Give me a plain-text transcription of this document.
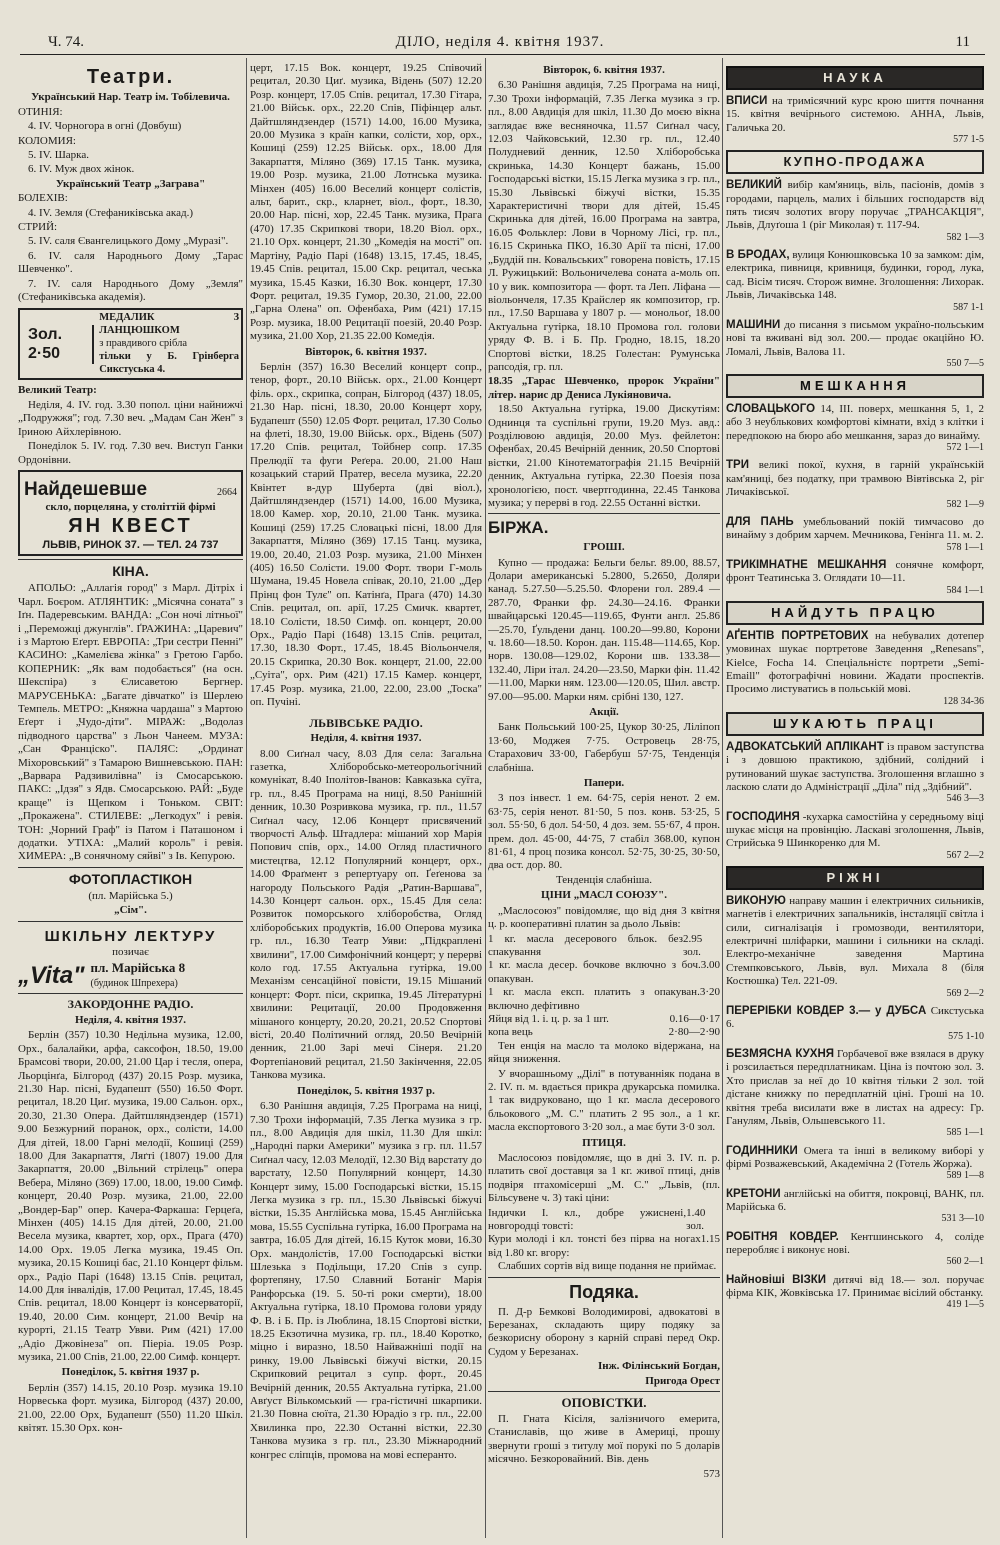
Ч. 74.	ДІЛО, неділя 4. квітня 1937.	11
Театри.

Український Нар. Театр ім. Тобілевича.

ОТИНІЯ:

4. IV. Чорногора в огні (Довбуш)

КОЛОМИЯ:

5. IV. Шарка.

6. IV. Муж двох жінок.

Український Театр „Заграва"

БОЛЕХІВ:

4. IV. Земля (Стефаниківська акад.)

СТРИЙ:

5. IV. саля Євангелицького Дому „Муразі".

6. IV. саля Народнього Дому „Тарас Шевченко".

7. IV. саля Народнього Дому „Земля" (Стефаниківська академія).

Зол. 2·50
МЕДАЛИК З ЛАНЦЮШКОМ
з правдивого срібла
тільки у Б. Грінберга Сикстуська 4.

Великий Театр:

Неділя, 4. IV. год. 3.30 попол. ціни найнижчі „Подружжя"; год. 7.30 веч. „Мадам Сан Жен" з Іриною Айхлерівною.

Понеділок 5. IV. год. 7.30 веч. Виступ Ганки Ордонівни.

Найдешевше	2664
скло, порцеляна, у століттій фірмі
ЯН КВЕСТ
ЛЬВІВ, РИНОК 37. — ТЕЛ. 24 737
КІНА.

АПОЛЬО: „Аллагія город" з Марл. Дітріх і Чарл. Боєром. АТЛЯНТИК: „Місячна соната" з Іґн. Падеревським. ВАНДА: „Сон ночі літньої" і „Переможці джунглів". ҐРАЖИНА: „Царевич" і з Мартою Еґерт. ЕВРОПА: „Три сестри Пенні" КАСИНО: „Камелієва жінка" з Гретою Гарбо. КОПЕРНИК: „Як вам подобається" (на осн. Шекспіра) з Єлисаветою Бергнер. МАРУСЕНЬКА: „Багате дівчатко" із Шерлею Темпель. МЕТРО: „Княжна чардаша" з Мартою Еґерт і „Чудо-діти". МІРАЖ: „Водолаз підводного царства" з Льон Чанеем. МУЗА: „Сан Франціско". ПАЛЯС: „Ординат Міхоровський" з Тамарою Вишневською. ПАН: „Варвара Радзивилівна" із Смосарською. ПАКС: „Ідзя" з Ядв. Смосарською. РАЙ: „Буде краще" із Щепком і Тоньком. СВІТ: „Прокажена". СТИЛЕВЕ: „Легкодух" і ревія. ТОН: „Чорний Граф" із Патом і Паташоном і додатки. УТІХА: „Малий король" і ревія. ХИМЕРА: „В сонячному сяйві" з Ів. Кепурою.

ФОТОПЛАСТІКОН

(пл. Марійська 5.)

„Сім".

ШКІЛЬНУ ЛЕКТУРУ

позичає

„Vita" пл. Марійська 8
(будинок Шпрехера)
ЗАКОРДОННЕ РАДІО.
Неділя, 4. квітня 1937.

Берлін (357) 10.30 Недільна музика, 12.00, Орх., балалайки, арфа, саксофон, 18.50, 19.00 Брамсові твори, 20.00, 21.00 Цар і тесля, опера, Льорцінґа, Білгород (437) 20.15 Рoзр. музика, 21.30 Нар. пісні, Будапешт (550) 16.50 Форт. рецитал, 18.20 Циґ. музика, 19.00 Сальон. орх., 20.30, 21.30 Опера. Дайтшляндзендер (1571) 9.00 Безжурний поранок, орх., солісти, 14.00 Для дітей, 18.00 Гарні мелодії, Кошиці (259) 18.00 Для Закарпаття, Ляґті (1807) 19.00 Для Закарпаття, 20.00 „Вільний стрілець" опера Вебера, Міляно (369) 17.00, 18.00, 19.00 Симф. концерт, 20.40 Розр. музика, 21.00, 22.00 „Вондер-Бар" опер. Качера-Фаркаша: Герцеґа, Мінхен (405) 14.15 Для дітей, 20.00, 21.00 Весела музика, квартет, хор, орх., Прага (470) 14.00 Орх. 19.05 Легка музика, 19.45 Оп. музика, 20.15 Кошиці бас, 21.10 Концерт фільм. орх., Радіо Парі (1648) 13.15 Спів. рецитал, 14.00 Для інвалідів, 17.00 Рецитал, 17.45, 18.45 Спів. рецитал, 18.00 Концерт із консерваторії, 19.40, 20.00 Сим. концерт, 21.00 Вечір на курорті, 21.15 Театр Увви. Рим (421) 17.00 „Адіо Джовінеза" оп. Піеріа. 19.05 Розр. музика, 21.00 Спів, 21.00, 22.00 Симф. концерт.

Понеділок, 5. квітня 1937 р.

Берлін (357) 14.15, 20.10 Розр. музика 19.10 Норвеська форт. музика, Білгород (437) 20.00, 21.00, 22.00 Орх, Будапешт (550) 11.20 Шкіл. квітят. 15.30 Орх. кон-

церт, 17.15 Вок. концерт, 19.25 Співочий рецитал, 20.30 Циґ. музика, Відень (507) 12.20 Розр. концерт, 17.05 Спів. рецитал, 17.30 Гітара, 21.00 Військ. орх., 22.20 Спів, Піфінцер альт. Дайтшляндзендер (1571) 14.00, 16.00 Музика, 20.00 Музика з країн капки, солісти, хор, орх., Кошиці (259) 12.25 Військ. орх., 18.00 Для Закарпаття, Міляно (369) 17.15 Танк. музика, 19.00 Розр. музика, 21.00 Лотнська музика. Мінхен (405) 16.00 Веселий концерт солістів, альт, барит., скр., кларнет, віол., форт., 18.30, 20.00 Нар. пісні, хор, 22.45 Танк. музика, Прага (470) 17.35 Скрипкові твори, 18.20 Віол. орх., 21.10 Орх. концерт, 21.30 „Комедія на мості" оп. Мартіну, Радіо Парі (1648) 13.15, 17.45, 18.45, 19.45 Спів. рецитал, 15.00 Скр. рецитал, чеська музика, 15.45 Казки, 16.30 Вок. концерт, 17.30 Форт. рецитал, 19.35 Гумор, 20.30, 21.00, 22.00 „Гарна Олена" оп. Офенбаха, Рим (421) 17.15 Розр. музика, 18.00 Рецитації поезій, 20.40 Розр. музика, 21.00 Хор, 21.35 22.00 Комедія.

Вівторок, 6. квітня 1937.

Берлін (357) 16.30 Веселий концерт сопр., тенор, форт., 20.10 Військ. орх., 21.00 Концерт філь. орх., скрипка, сопран, Білгород (437) 18.05, 21.30 Нар. пісні, 18.30, 20.00 Концерт хору, Будапешт (550) 12.05 Форт. рецитал, 17.30 Сольо на флеті, 18.30, 19.00 Військ. орх., Відень (507) 17.20 Спів. рецитал, Тойбнер сопр. 17.35 Прелюдії та фуги Реґера. 20.00, 21.00 Наш козацький старий Пратер, весела музика, 22.20 Квінтет в-дур Шуберта (дві віол.), Дайтшляндзендер (1571) 14.00, 16.00 Музика, 18.00 Камер. хор, 20.10, 21.00 Танк. музика. Кошиці (259) 17.25 Словацькі пісні, 18.00 Для Закарпаття, Міляно (369) 17.15 Танц. музика, 19.00, 20.40, 21.03 Розр. музика, 21.00 Мінхен (405) 16.50 Солісти. 19.00 Форт. твори Г-моль Шумана, 19.45 Новела співак, 20.10, 21.00 „Дер Прінц фон Тулє" оп. Катінґа, Прага (470) 14.30 Спів. рецитал, оп. арії, 17.25 Смичк. квартет, 18.10 Солісти, 18.50 Симф. оп. концерт, 20.00 Орх., Радіо Парі (1648) 13.15 Спів. рецитал, 17.30, 18.30 Форт., 17.45, 18.45 Віольончеля, 20.15 Скрипка, 20.30 Вок. концерт, 21.00, 22.00 „Суіта", орх. Рим (421) 17.15 Камер. концерт, 17.45 Розр. музика, 21.00, 22.00, 23.00 „Тоска" оп. Пучіні.

ЛЬВІВСЬКЕ РАДІО.
Неділя, 4. квітня 1937.

8.00 Сиґнал часу, 8.03 Для села: Загальна газетка, Хліборобсько-метеорольогічний комунікат, 8.40 Іполітов-Іванов: Кавказька суїта, гр. пл., 8.45 Програма на ниці, 8.50 Ранішній денник, 10.30 Розривкова музика, гр. пл., 11.57 Сиґнал часу, 12.06 Концерт присвячений творчості Альф. Штадлера: мішаний хор Марія Попович спів, орх., 14.00 Огляд пластичного мистецтва, 12.12 Популярний концерт, орх., 14.00 Фраґмент з репертуару оп. Ґеґенова за нагороду Польського Радія „Ратин-Варшава", 14.30 Концерт сальон. орх., 15.45 Для села: Розвиток поморського хліборобства, Огляд хліборобських продуктів, 16.00 Оперова музика гр. пл., 16.30 Театр Уяви: „Підкраплені хвилини", 17.00 Симфонічний концерт; у перерві коло год. 17.55 Актуальна гутірка, 19.00 Механізм сенсаційної повісти, 19.15 Мішаний концерт: Форт. піси, скрипка, 19.45 Літературні хвилини: Рецитації, 20.00 Продовження мішаного концерту, 20.20, 20.21, 20.52 Спортові вісті, 20.40 Політичний огляд, 20.50 Вечірній денник, 21.00 Зарі мечі Сінеря. 21.20 Фортепіановий рецитал, 21.50 Закінчення, 22.05 Танкова музика.

Понеділок, 5. квітня 1937 р.

6.30 Ранішня авдиція, 7.25 Програма на ниці, 7.30 Трохи інформацій, 7.35 Легка музика з гр. пл., 8.00 Авдиція для шкіл, 11.30 Для шкіл: „Народні парки Америки" музика з гр. пл. 11.57 Сиґнал часу, 12.03 Мелодії, 12.30 Від варстату до варстату, 12.50 Популярний концерт, 14.30 Концерт зиму, 15.00 Господарські вістки, 15.15 Легка музика з гр. пл., 15.30 Львівські біжучі вістки, 15.35 Англійська мова, 15.45 Англійська мова, 15.55 Суспільна гутірка, 16.00 Програма на завтра, 16.05 Для дітей, 16.15 Куток мови, 16.30 Орх. мандолістів, 17.00 Господарські вістки Шлезька з Подільщи, 17.20 Спів з супр. фортепяну, 17.50 Славний Ботаніг Марія Ранфорська (19. 5. 50-ті роки смерти), 18.00 Актуальна гутірка, 18.10 Промова голови уряду Ф. В. і Б. Пр. із Люблина, 18.15 Спортові вістки, 18.25 Екзотична музика, гр. пл., 18.40 Коротко, міцно і виразно, 18.50 Найважніші події на ринку, 19.00 Львівські біжучі вістки, 20.15 Скрипковий рецитал з супр. форт., 20.45 Вечірній денник, 20.55 Актуальна гутірка, 21.00 Авґуст Вількомський — гра-гістичні шкарпики. 21.30 Повна сюїта, 21.30 Юрадіо з гр. пл., 22.00 Хвилинка про, 22.30 Останні вістки, 22.30 Танкова музика з гр. пл., 23.30 Міжнародний конгрес сліпців, промова на мові есперанто.

Вівторок, 6. квітня 1937.

6.30 Ранішня авдиція, 7.25 Програма на ниці, 7.30 Трохи інформацій, 7.35 Легка музика з гр. пл., 8.00 Авдиція для шкіл, 11.30 До моєю вікна заглядає вже весняночка, 11.57 Сиґнал часу, 12.03 Чайковський, 12.30 гр. пл., 12.40 Полудневий денник, 12.50 Хліборобська скринька, 14.30 Концерт бажань, 15.00 Господарські вістки, 15.15 Легка музика з гр. пл., 15.30 Львівські біжучі вістки, 15.35 Характеристичні твори для дітей, 15.45 Скринька для дітей, 16.00 Програма на завтра, 16.05 Фольклер: Лови в Чорному Лісі, гр. пл., 16.15 Скринька ПКО, 16.30 Арії та пісні, 17.00 „Буддій пн. Ковальських" говорена повість, 17.15 Л. Ружицький: Вольоничелева соната а-моль оп. 10 у вик. композитора — форт. та Леп. Ліфана — віольончеля, 17.35 Крайслер як композитор, гр. пл., 17.50 Варшава у 1807 р. — монольоґ, 18.00 Актуальна гутірка, 18.10 Промова гол. голови уряду Ф. В. і Б. Пр. Гродно, 18.15, 18.20 Спортові вістки, 18.25 Голестан: Румунська рапсодія, гр. пл.

18.35 „Тарас Шевченко, пророк України" літер. нарис др Дениса Лукіяновича.

18.50 Актуальна гутірка, 19.00 Дискутіям: Однинця та суспільні групи, 19.20 Муз. авд.: Розділювою авдиція, 20.00 Муз. фейлетон: Офенбах, 20.45 Вечірній денник, 20.50 Спортові вістки, 21.00 Кінотематографія 21.15 Вечірній денник, Актуальна гутірка, 22.30 Поезія поза хронологією, пост. чвертгодинна, 22.45 Танкова музика; у перерві в год. 22.55 Останні вістки.

БІРЖА.
ГРОШІ.

Купно — продажа: Бельги бельг. 89.00, 88.57, Долари американські 5.2800, 5.2650, Доляри канад. 5.27.50—5.25.50. Флорени гол. 289.4 —287.70, Франки фр. 24.30—24.16. Франки швайцарські 120.45—119.65, Фунти англ. 25.86—25.70, Ґульдени данц. 100.20—99.80, Корони ч. 18.60—18.50. Корон. дан. 115.48—114.65, Кор. норв. 130.08—129.02, Корони шв. 133.38—132.40, Ліри італ. 24.20—23.50, Марки фін. 11.42—11.00, Марки ням. 123.00—120.05, Шил. австр. 97.00—95.00. Марки ням. срібні 130, 127.

Акції.

Банк Польський 100·25, Цукор 30·25, Ліліпоп 13·60, Моджея 7·75. Островець 28·75, Старахович 33·00, Габербуш 57·75, Тенденція слабніша.

Папери.

3 поз інвест. 1 ем. 64·75, серія ненот. 2 ем. 63·75, серія ненот. 81·50, 5 поз. конв. 53·25, 5 зол. 55·50, 6 дол. 54·50, 4 доз. зем. 55·67, 4 прон. прем. дол. 45·00, 44·75, 7 стабіл 368.00, купон 81·61, 4 проц позика консол. 52·75, 30·25, 30·50, два ост. дор. 80.

Тенденція слабніша.

ЦІНИ „МАСЛ СОЮЗУ".

„Маслосоюз" повідомляє, що від дня 3 квітня ц. р. кооперативні платин за дьоло Львів:

1 кг. масла десерового бльок. без спакування
2.95 зол.
1 кг. масла десер. бочкове включно з боч. опакуван.
3.00
1 кг. масла експ. платить з опакуван. включно дефітивно
3·20
Яйця від 1. і. ц. р. за 1 шт.	0.16—0·17
копа вець	2·80—2·90

Тен енція на масло та молоко відержана, на яйця зниження.

У вчорашньому „Ділі" в потуванніяк подана в 2. IV. п. м. вдається прикра друкарська помилка. 1 так видруковано, що 1 кг. масла десерового бльокового „М. С." платить 2 95 зол., а 1 кг. масла експортового 3·20 зол., а має бути 3·0 зол.

ПТИЦЯ.

Маслосоюз повідомляє, що в дні 3. IV. п. р. платить свої доставця за 1 кг. живої птиці, днів подвіря птахомісерші „М. С." „Львів, (пл. Більсувене ч. 3) такі ціни:

Індички І. кл., добре ужиснені, новгородці товсті:
1.40 зол.
Кури молоді і кл. тонсті без пірва на ногах від 1.80 кг. вгору:
1.15

Слабших сортів від вище подання не приймає.

Подяка.

П. Д-р Бемкові Володимирові, адвокатові в Березанах, складають щиру подяку за безкорисну оборону з карній справі перед Окр. Судом у Березанах.

Інж. Філінський Богдан,

Пригода Орест

ОПОВІСТКИ.

П. Гната Кісіля, залізничого емерита, Станиславів, що живе в Америці, прошу звернути гроші з титулу мої порукі по 5 доларів місячно. Безкоровайний. Вів. день

573

НАУКА
ВПИСИ на тримісячний курс крою шиття почнання 15. квітня вечірнього системою. АННА, Львів, Галичька 20.
577 1-5
КУПНО-ПРОДАЖА
ВЕЛИКИЙ вибір кам'яниць, віль, пасіонів, домів з городами, парцель, малих і більших господарств від пять тисяч золотих вгору поручає „ТРАНСАКЦІЯ", Львів, Длуґоша 1 (ріг Миколая) т. 117-94.
582 1—3
В БРОДАХ, вулиця Конюшковська 10 за замком: дім, електрика, пивниця, кривниця, будинки, город, лука, сад. Вісім тисяч. Сторож вимне. Зголошення: Лихорак. Львів, Личаківська 148.
587 1-1
МАШИНИ до писання з письмом україно-польським нові та вживані від зол. 200.— продає окаційно Ю. Ломалі, Львів, Валова 11.
550 7—5
МЕШКАННЯ
СЛОВАЦЬКОГО 14, III. поверх, мешкання 5, 1, 2 або 3 неублькових комфортові кімнати, вхід з клітки і передпокою на бюро або мешкання, зараз до винайму.
572 1—1
ТРИ великі покої, кухня, в гарній українській кам'яниці, без податку, при трамвою Вівтівська 2, ріг Личаківської.
582 1—9
ДЛЯ ПАНЬ умебльований покій тимчасово до винайму з добрим харчем. Мечникова, Генінга 11. м. 2.
578 1—1
ТРИКІМНАТНЕ МЕШКАННЯ сонячне комфорт, фронт Театинська 3. Оглядати 10—11.
584 1—1
НАЙДУТЬ ПРАЦЮ
АҐЕНТІВ ПОРТРЕТОВИХ на небувалих дотепер умовинах шукає портретове Заведення „Renesans", Kielce, Focha 14. Спеціальністє портрети „Semi-Emaill" фотографічні новини. Жадати проспектів. Просимо листуватись в польській мові.
128 34-36
ШУКАЮТЬ ПРАЦІ
АДВОКАТСЬКИЙ АПЛІКАНТ із правом заступства і з довшою практикою, здібний, солідний і рутинований шукає заступства. Зголошення вглашно з ласкою слати до Адміністрації „Діла" під „Здібний".
546 3—3
ГОСПОДИНЯ -кухарка самостійна у середньому віці шукає місця на провінцію. Ласкаві зголошення, Львів, Стрийська 9 Шинкоренко для М.
567 2—2
РІЖНІ
ВИКОНУЮ направу машин і електричних сильників, магнетів і електричних запальників, інсталяції світла і сили, сигналізація і громозводи, вентилятори, електричні шліфарки, машини і сильники на складі. Електро-механічне заведення Мартина Стемпковського, Львів, вул. Михала 8 (біля Костюшка) Тел. 221-09.
569 2—2
ПЕРЕРІБКИ КОВДЕР 3.— у ДУБСА Сикстуська 6.
575 1-10
БЕЗМЯСНА КУХНЯ Горбачевої вже взялася в друку і розсилається передплатникам. Ціна із почтою зол. 3. Хто прислав за неї до 10 квітня тільки 2 зол. той дістане книжку по передплатній ціні. Гроші на 10. квітня треба висилати вже в листах на адресу: Гр. Ганулям, Львів, Ольшевського 11.
585 1—1
ГОДИННИКИ Омега та інші в великому виборі у фірмі Розважевський, Академічна 2 (Готель Жоржа).
589 1—8
КРЕТОНИ англійські на обиття, покровці, ВАНК, пл. Марійська 6.
531 3—10
РОБІТНЯ КОВДЕР. Кентшинського 4, соліде переробляє і виконує нові.
560 2—1
Найновіші ВІЗКИ дитячі від 18.— зол. поручає фірма КІК, Жовківська 17. Принимає вісілий обстанку.
419 1—5
